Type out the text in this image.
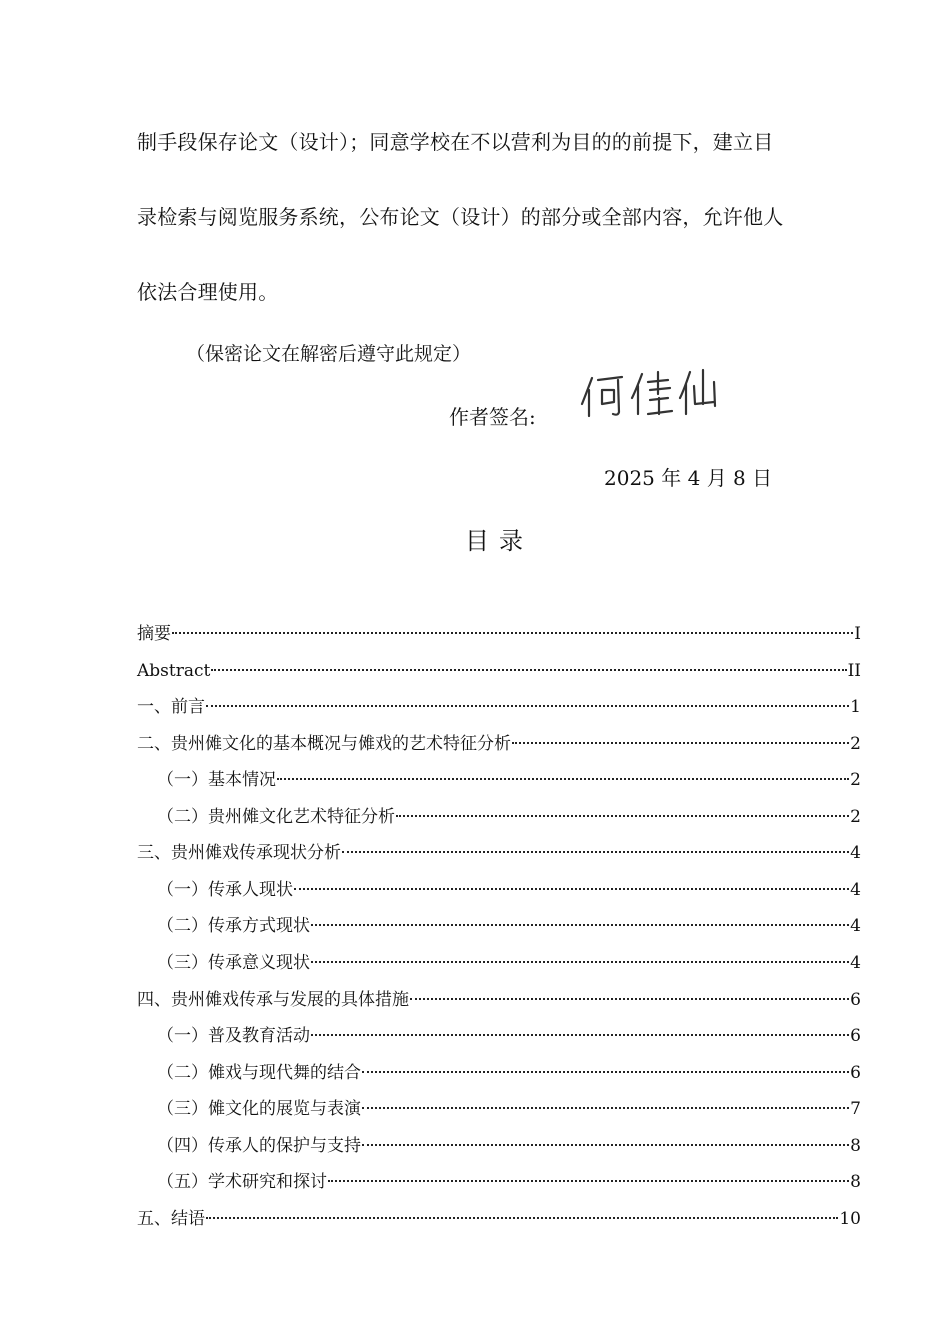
制手段保存论文（设计）；同意学校在不以营利为目的的前提下，建立目
录检索与阅览服务系统，公布论文（设计）的部分或全部内容，允许他人
依法合理使用。
（保密论文在解密后遵守此规定）
作者签名:
2025 年 4 月 8 日
目录
摘要	I
Abstract	II
一、前言	1
二、贵州傩文化的基本概况与傩戏的艺术特征分析	2
（一）基本情况	2
（二）贵州傩文化艺术特征分析	2
三、贵州傩戏传承现状分析	4
（一）传承人现状	4
（二）传承方式现状	4
（三）传承意义现状	4
四、贵州傩戏传承与发展的具体措施	6
（一）普及教育活动	6
（二）傩戏与现代舞的结合	6
（三）傩文化的展览与表演	7
（四）传承人的保护与支持	8
（五）学术研究和探讨	8
五、结语	10
